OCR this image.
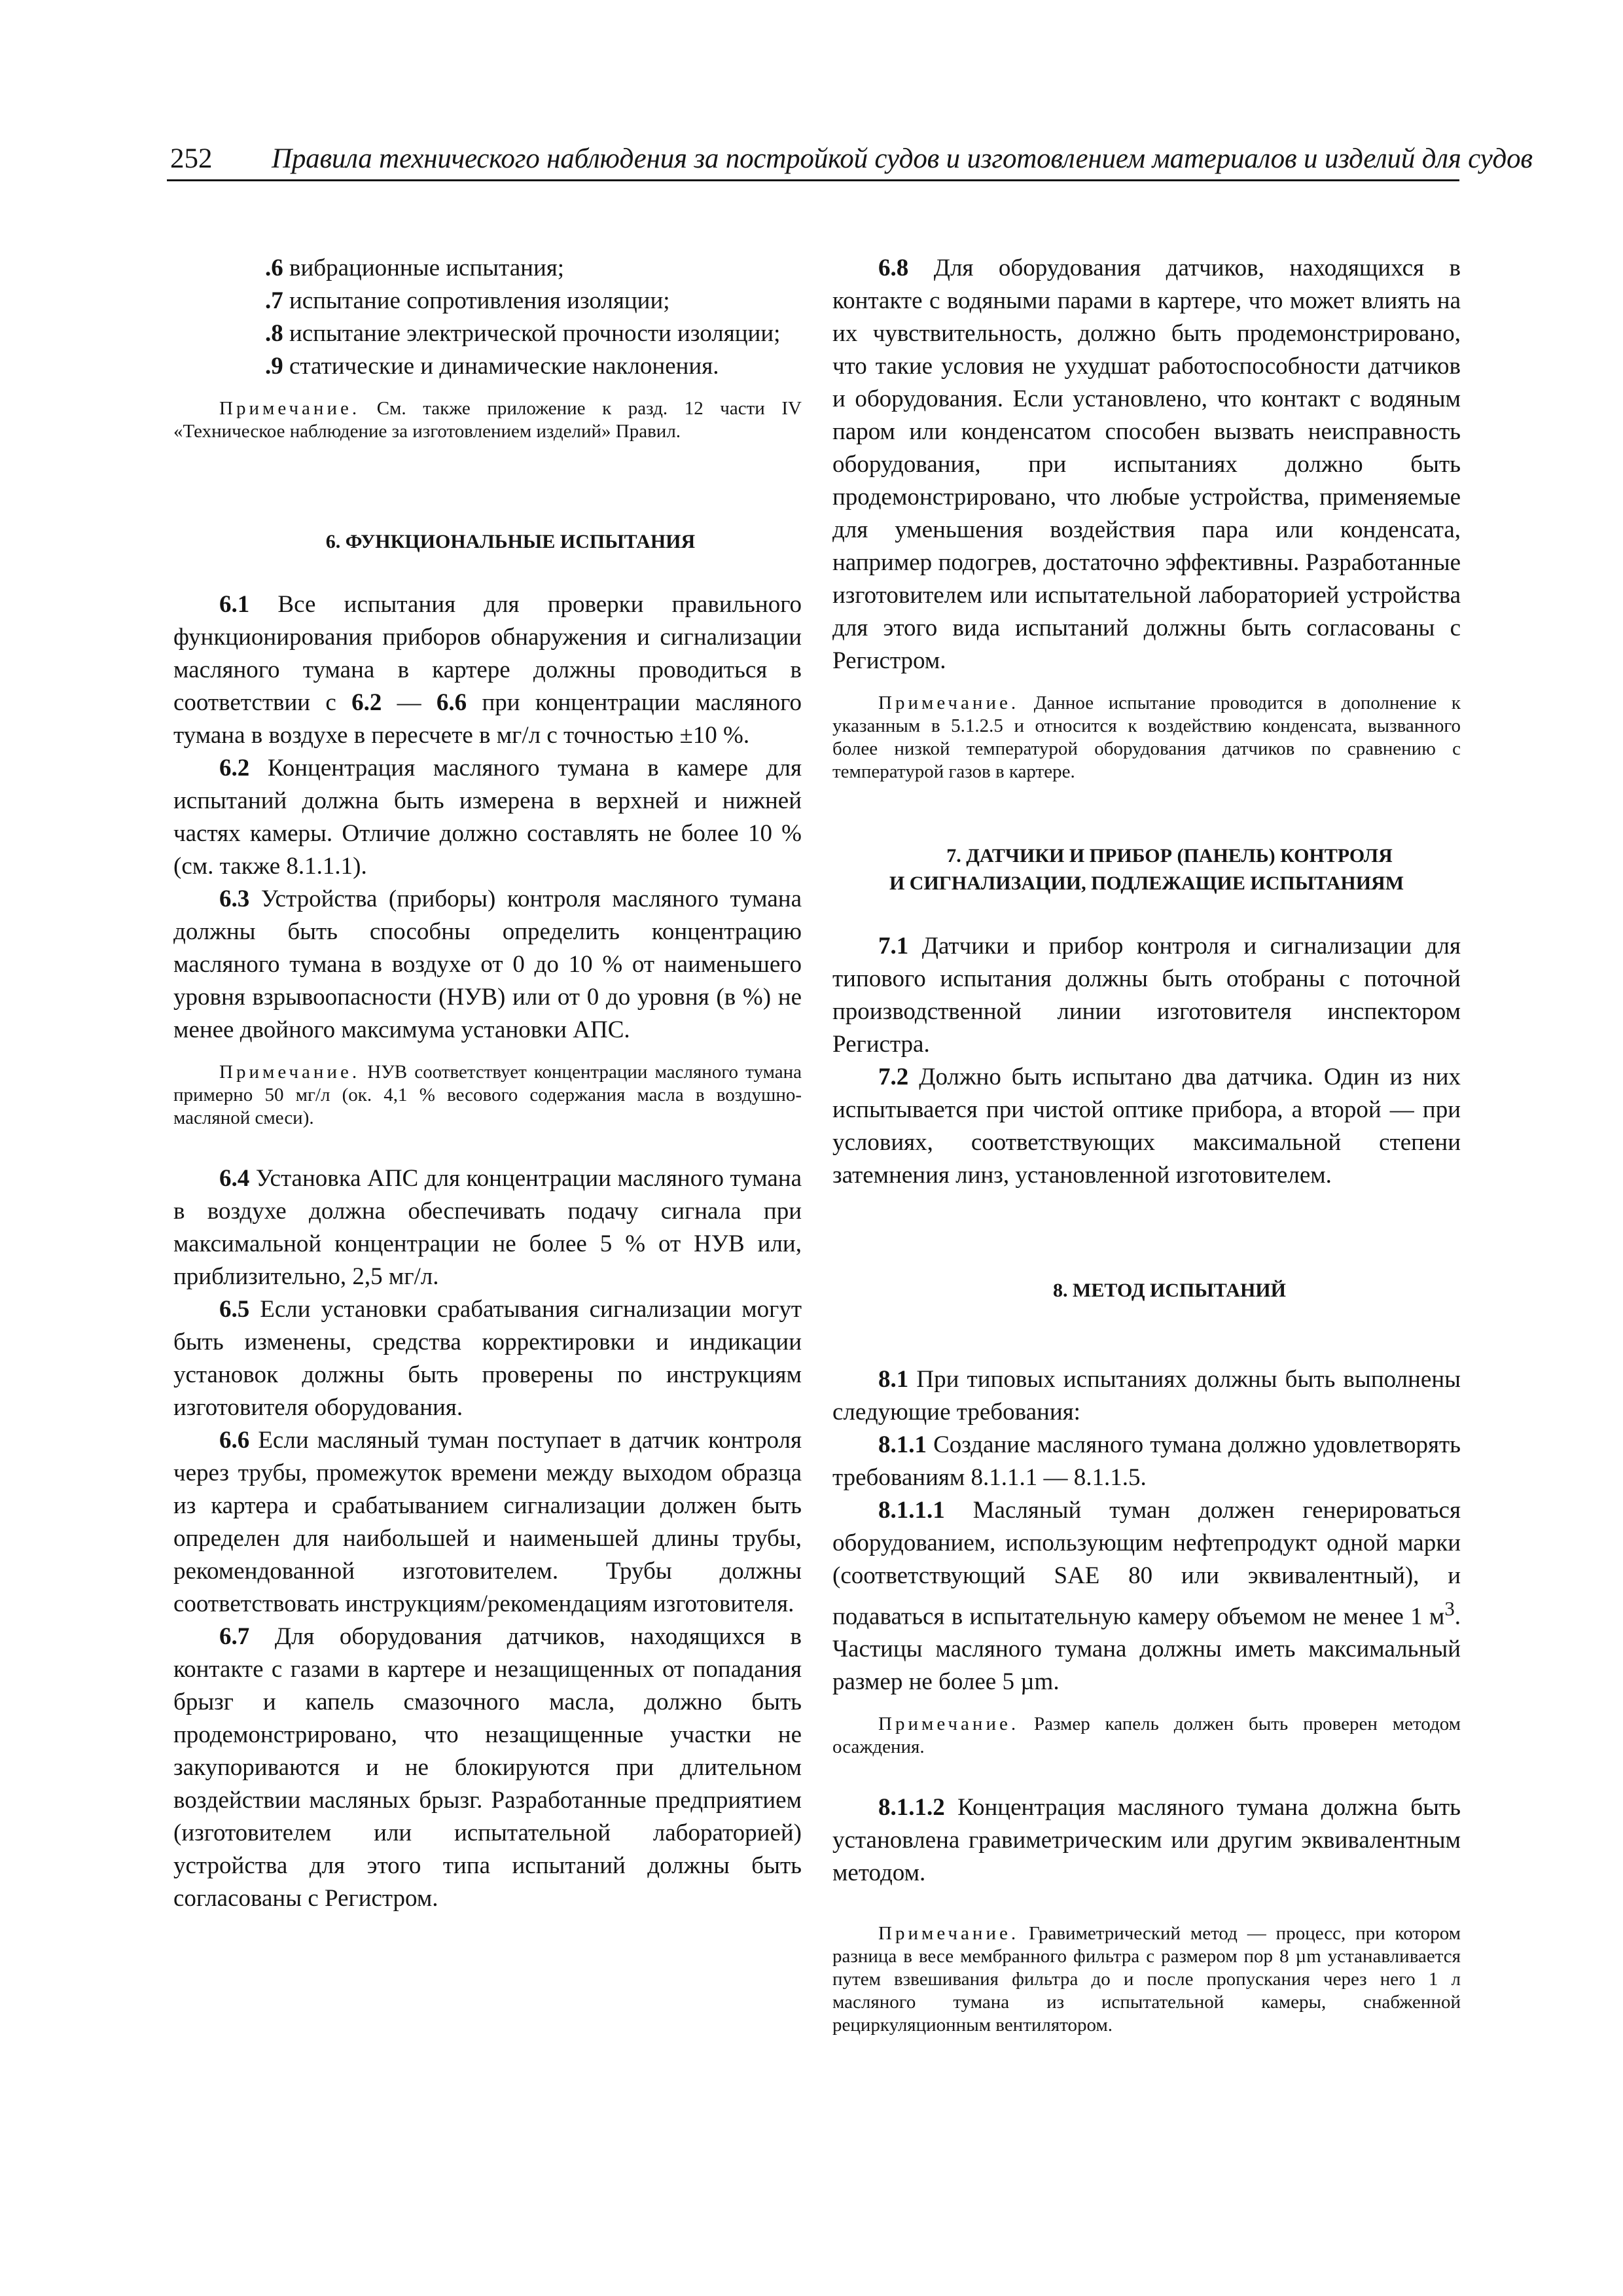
252 Правила технического наблюдения за постройкой судов и изготовлением материалов и изделий для судов

.6 вибрационные испытания;

.7 испытание сопротивления изоляции;

.8 испытание электрической прочности изоляции;

.9 статические и динамические наклонения.

Примечание. См. также приложение к разд. 12 части IV «Техническое наблюдение за изготовлением изделий» Правил.

6. ФУНКЦИОНАЛЬНЫЕ ИСПЫТАНИЯ

6.1 Все испытания для проверки правильного функционирования приборов обнаружения и сигнализации масляного тумана в картере должны проводиться в соответствии с 6.2 — 6.6 при концентрации масляного тумана в воздухе в пересчете в мг/л с точностью ±10 %.

6.2 Концентрация масляного тумана в камере для испытаний должна быть измерена в верхней и нижней частях камеры. Отличие должно составлять не более 10 % (см. также 8.1.1.1).

6.3 Устройства (приборы) контроля масляного тумана должны быть способны определить концентрацию масляного тумана в воздухе от 0 до 10 % от наименьшего уровня взрывоопасности (НУВ) или от 0 до уровня (в %) не менее двойного максимума установки АПС.

Примечание. НУВ соответствует концентрации масляного тумана примерно 50 мг/л (ок. 4,1 % весового содержания масла в воздушно-масляной смеси).

6.4 Установка АПС для концентрации масляного тумана в воздухе должна обеспечивать подачу сигнала при максимальной концентрации не более 5 % от НУВ или, приблизительно, 2,5 мг/л.

6.5 Если установки срабатывания сигнализации могут быть изменены, средства корректировки и индикации установок должны быть проверены по инструкциям изготовителя оборудования.

6.6 Если масляный туман поступает в датчик контроля через трубы, промежуток времени между выходом образца из картера и срабатыванием сигнализации должен быть определен для наибольшей и наименьшей длины трубы, рекомендованной изготовителем. Трубы должны соответствовать инструкциям/рекомендациям изготовителя.

6.7 Для оборудования датчиков, находящихся в контакте с газами в картере и незащищенных от попадания брызг и капель смазочного масла, должно быть продемонстрировано, что незащищенные участки не закупориваются и не блокируются при длительном воздействии масляных брызг. Разработанные предприятием (изготовителем или испытательной лабораторией) устройства для этого типа испытаний должны быть согласованы с Регистром.

6.8 Для оборудования датчиков, находящихся в контакте с водяными парами в картере, что может влиять на их чувствительность, должно быть продемонстрировано, что такие условия не ухудшат работоспособности датчиков и оборудования. Если установлено, что контакт с водяным паром или конденсатом способен вызвать неисправность оборудования, при испытаниях должно быть продемонстрировано, что любые устройства, применяемые для уменьшения воздействия пара или конденсата, например подогрев, достаточно эффективны. Разработанные изготовителем или испытательной лабораторией устройства для этого вида испытаний должны быть согласованы с Регистром.

Примечание. Данное испытание проводится в дополнение к указанным в 5.1.2.5 и относится к воздействию конденсата, вызванного более низкой температурой оборудования датчиков по сравнению с температурой газов в картере.

7. ДАТЧИКИ И ПРИБОР (ПАНЕЛЬ) КОНТРОЛЯ
И СИГНАЛИЗАЦИИ, ПОДЛЕЖАЩИЕ ИСПЫТАНИЯМ

7.1 Датчики и прибор контроля и сигнализации для типового испытания должны быть отобраны с поточной производственной линии изготовителя инспектором Регистра.

7.2 Должно быть испытано два датчика. Один из них испытывается при чистой оптике прибора, а второй — при условиях, соответствующих максимальной степени затемнения линз, установленной изготовителем.

8. МЕТОД ИСПЫТАНИЙ

8.1 При типовых испытаниях должны быть выполнены следующие требования:

8.1.1 Создание масляного тумана должно удовлетворять требованиям 8.1.1.1 — 8.1.1.5.

8.1.1.1 Масляный туман должен генерироваться оборудованием, использующим нефтепродукт одной марки (соответствующий SAE 80 или эквивалентный), и подаваться в испытательную камеру объемом не менее 1 $м^3$. Частицы масляного тумана должны иметь максимальный размер не более 5 µm.

Примечание. Размер капель должен быть проверен методом осаждения.

8.1.1.2 Концентрация масляного тумана должна быть установлена гравиметрическим или другим эквивалентным методом.

Примечание. Гравиметрический метод — процесс, при котором разница в весе мембранного фильтра с размером пор 8 µm устанавливается путем взвешивания фильтра до и после пропускания через него 1 л масляного тумана из испытательной камеры, снабженной рециркуляционным вентилятором.
